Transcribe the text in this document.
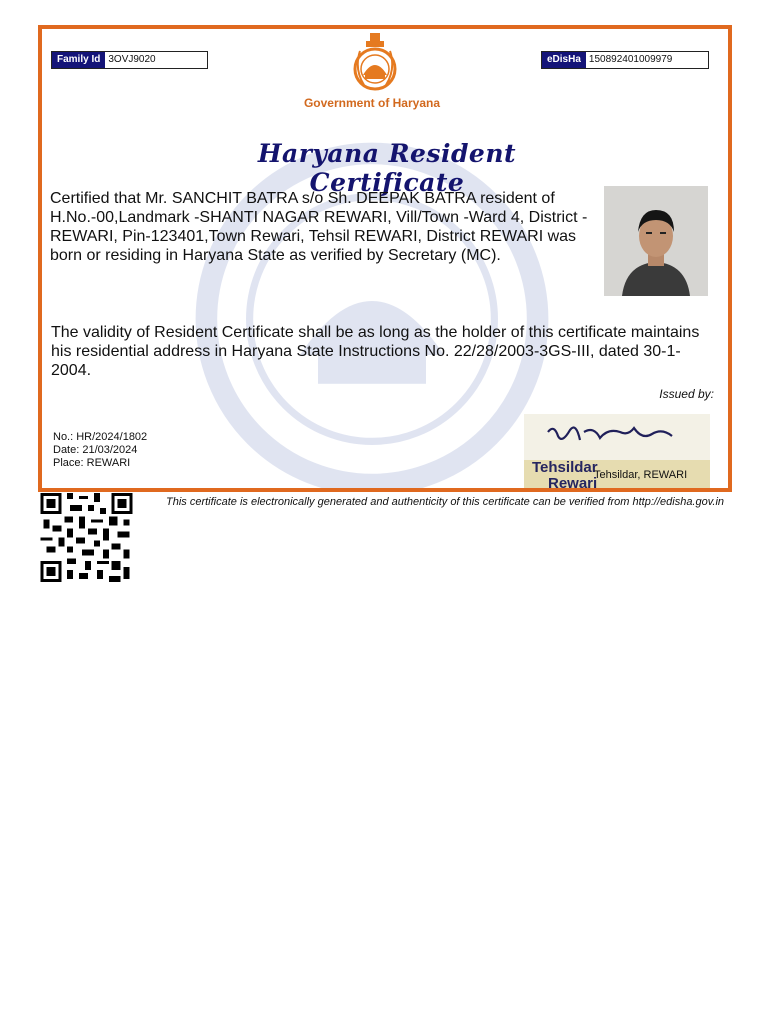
Family Id 3OVJ9020	eDisHa 150892401009979
Government of Haryana
Haryana Resident Certificate
Certified that Mr. SANCHIT BATRA s/o Sh. DEEPAK BATRA resident of H.No.-00,Landmark -SHANTI NAGAR REWARI, Vill/Town -Ward 4, District -REWARI, Pin-123401,Town Rewari, Tehsil REWARI, District REWARI was born or residing in Haryana State as verified by Secretary (MC).
The validity of Resident Certificate shall be as long as the holder of this certificate maintains his residential address in Haryana State Instructions No. 22/28/2003-3GS-III, dated 30-1-2004.
Issued by:
No.: HR/2024/1802
Date: 21/03/2024
Place: REWARI	Tehsildar
Rewari
Tehsildar, REWARI
This certificate is electronically generated and authenticity of this certificate can be verified from http://edisha.gov.in
